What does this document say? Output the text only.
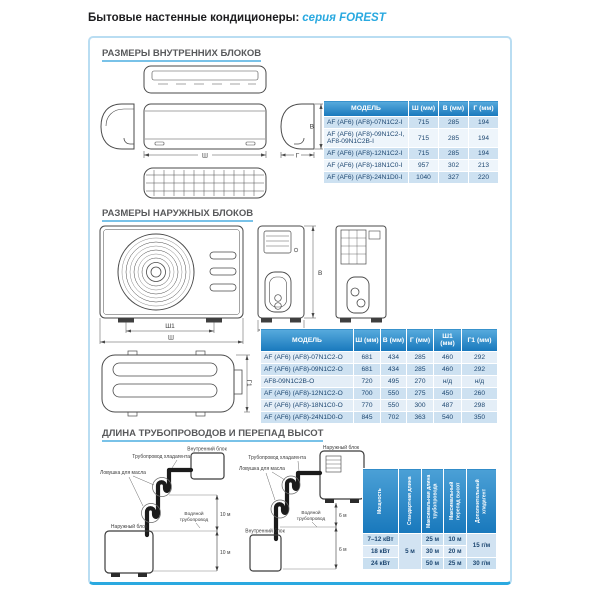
Бытовые настенные кондиционеры: серия FOREST
РАЗМЕРЫ ВНУТРЕННИХ БЛОКОВ
Ш
В
Г
МОДЕЛЬ	Ш (мм)	В (мм)	Г (мм)
AF (AF6) (AF8)-07N1C2-I	715	285	194
AF (AF6) (AF8)-09N1C2-I, AF8-09N1C2B-I	715	285	194
AF (AF6) (AF8)-12N1C2-I	715	285	194
AF (AF6) (AF8)-18N1C0-I	957	302	213
AF (AF6) (AF8)-24N1D0-I	1040	327	220
РАЗМЕРЫ НАРУЖНЫХ БЛОКОВ
Ш1
Ш
В
Г1
МОДЕЛЬ	Ш (мм)	В (мм)	Г (мм)	Ш1 (мм)	Г1 (мм)
AF (AF6) (AF8)-07N1C2-O	681	434	285	460	292
AF (AF6) (AF8)-09N1C2-O	681	434	285	460	292
AF8-09N1C2B-O	720	495	270	н/д	н/д
AF (AF6) (AF8)-12N1C2-O	700	550	275	450	260
AF (AF6) (AF8)-18N1C0-O	770	550	300	487	298
AF (AF6) (AF8)-24N1D0-O	845	702	363	540	350
ДЛИНА ТРУБОПРОВОДОВ И ПЕРЕПАД ВЫСОТ
Внутренний блок
Трубопровод хладагента
Ловушка для масла
Водяной
трубопровод
Наружный блок
10 м
10 м
Наружный блок
Трубопровод хладагента
Ловушка для масла
Водяной
трубопровод
Внутренний блок
6 м
6 м
Мощность	Стандартная длина	Максимальная длина трубопровода	Максимальный перепад высот	Дополнительный хладагент

7–12 кВт	5 м	25 м	10 м	15 г/м
18 кВт		30 м	20 м	
24 кВт		50 м	25 м	30 г/м
